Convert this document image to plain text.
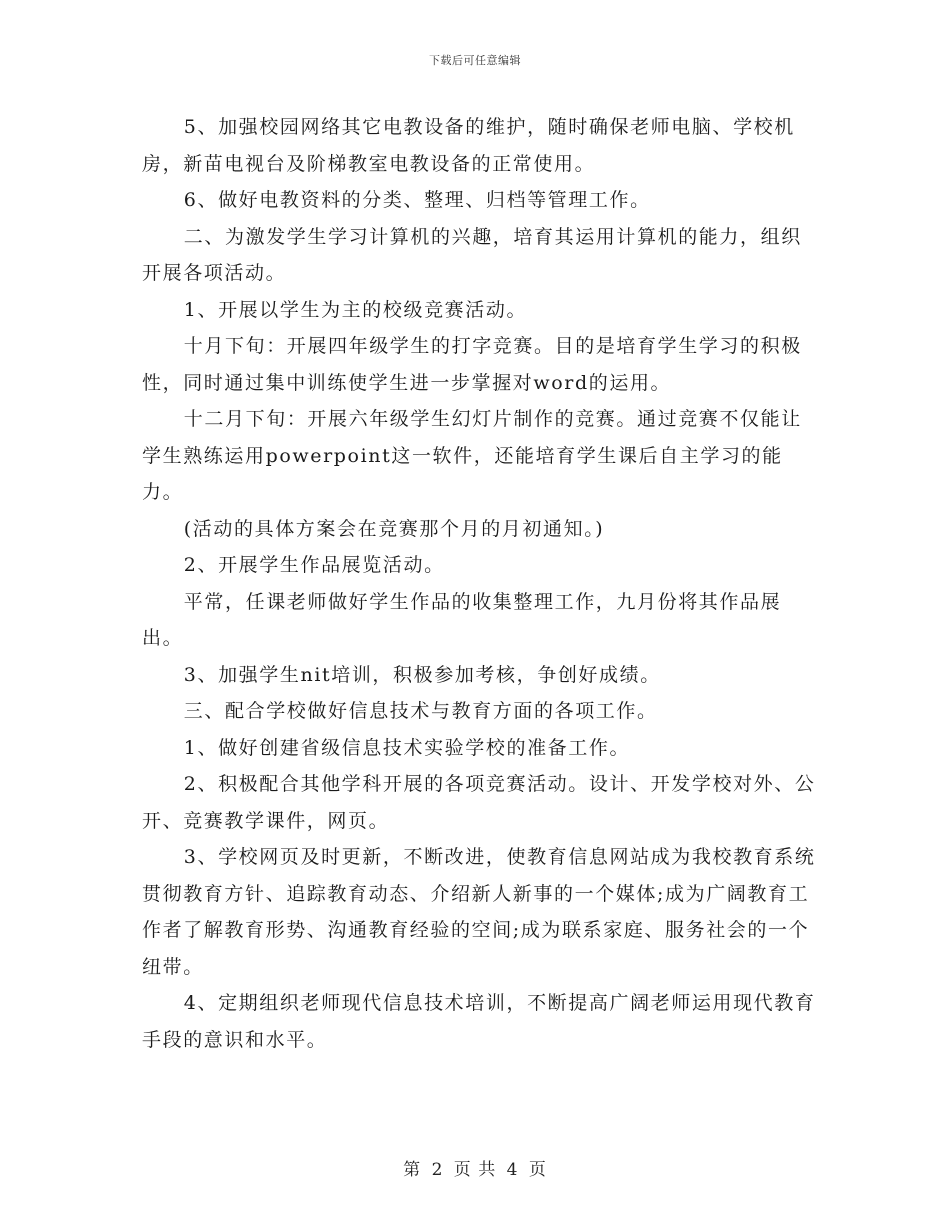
下载后可任意编辑

5、加强校园网络其它电教设备的维护，随时确保老师电脑、学校机房，新苗电视台及阶梯教室电教设备的正常使用。

6、做好电教资料的分类、整理、归档等管理工作。

二、为激发学生学习计算机的兴趣，培育其运用计算机的能力，组织开展各项活动。

1、开展以学生为主的校级竞赛活动。

十月下旬：开展四年级学生的打字竞赛。目的是培育学生学习的积极性，同时通过集中训练使学生进一步掌握对word的运用。

十二月下旬：开展六年级学生幻灯片制作的竞赛。通过竞赛不仅能让学生熟练运用powerpoint这一软件，还能培育学生课后自主学习的能力。

(活动的具体方案会在竞赛那个月的月初通知。)

2、开展学生作品展览活动。

平常，任课老师做好学生作品的收集整理工作，九月份将其作品展出。

3、加强学生nit培训，积极参加考核，争创好成绩。

三、配合学校做好信息技术与教育方面的各项工作。

1、做好创建省级信息技术实验学校的准备工作。

2、积极配合其他学科开展的各项竞赛活动。设计、开发学校对外、公开、竞赛教学课件，网页。

3、学校网页及时更新，不断改进，使教育信息网站成为我校教育系统贯彻教育方针、追踪教育动态、介绍新人新事的一个媒体;成为广阔教育工作者了解教育形势、沟通教育经验的空间;成为联系家庭、服务社会的一个纽带。

4、定期组织老师现代信息技术培训，不断提高广阔老师运用现代教育手段的意识和水平。

第 2 页 共 4 页
